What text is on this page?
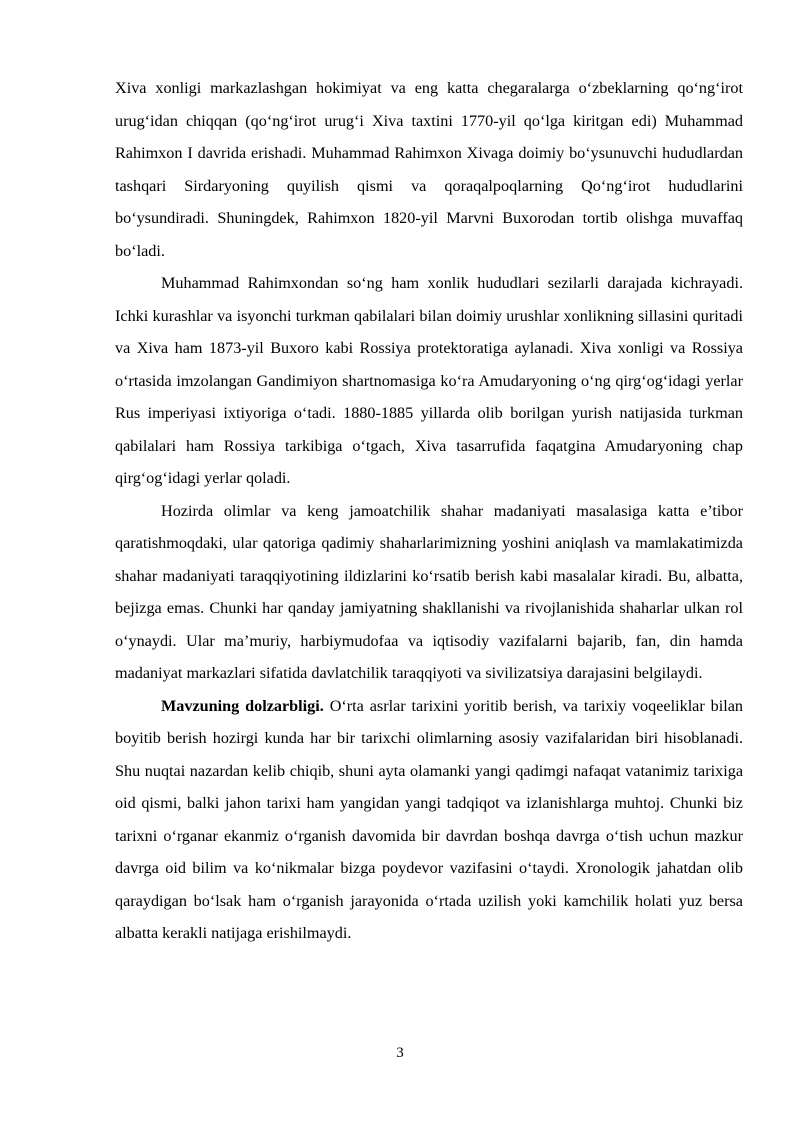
Xiva xonligi markazlashgan hokimiyat va eng katta chegaralarga o‘zbeklarning qo‘ng‘irot urug‘idan chiqqan (qo‘ng‘irot urug‘i Xiva taxtini 1770-yil qo‘lga kiritgan edi) Muhammad Rahimxon I davrida erishadi. Muhammad Rahimxon Xivaga doimiy bo‘ysunuvchi hududlardan tashqari Sirdaryoning quyilish qismi va qoraqalpoqlarning Qo‘ng‘irot hududlarini bo‘ysundiradi. Shuningdek, Rahimxon 1820-yil Marvni Buxorodan tortib olishga muvaffaq bo‘ladi.

Muhammad Rahimxondan so‘ng ham xonlik hududlari sezilarli darajada kichrayadi. Ichki kurashlar va isyonchi turkman qabilalari bilan doimiy urushlar xonlikning sillasini quritadi va Xiva ham 1873-yil Buxoro kabi Rossiya protektoratiga aylanadi. Xiva xonligi va Rossiya o‘rtasida imzolangan Gandimiyon shartnomasiga ko‘ra Amudaryoning o‘ng qirg‘og‘idagi yerlar Rus imperiyasi ixtiyoriga o‘tadi. 1880-1885 yillarda olib borilgan yurish natijasida turkman qabilalari ham Rossiya tarkibiga o‘tgach, Xiva tasarrufida faqatgina Amudaryoning chap qirg‘og‘idagi yerlar qoladi.

Hozirda olimlar va keng jamoatchilik shahar madaniyati masalasiga katta e’tibor qaratishmoqdaki, ular qatoriga qadimiy shaharlarimizning yoshini aniqlash va mamlakatimizda shahar madaniyati taraqqiyotining ildizlarini ko‘rsatib berish kabi masalalar kiradi. Bu, albatta, bejizga emas. Chunki har qanday jamiyatning shakllanishi va rivojlanishida shaharlar ulkan rol o‘ynaydi. Ular ma’muriy, harbiymudofaa va iqtisodiy vazifalarni bajarib, fan, din hamda madaniyat markazlari sifatida davlatchilik taraqqiyoti va sivilizatsiya darajasini belgilaydi.

Mavzuning dolzarbligi. O‘rta asrlar tarixini yoritib berish, va tarixiy voqeeliklar bilan boyitib berish hozirgi kunda har bir tarixchi olimlarning asosiy vazifalaridan biri hisoblanadi. Shu nuqtai nazardan kelib chiqib, shuni ayta olamanki yangi qadimgi nafaqat vatanimiz tarixiga oid qismi, balki jahon tarixi ham yangidan yangi tadqiqot va izlanishlarga muhtoj. Chunki biz tarixni o‘rganar ekanmiz o‘rganish davomida bir davrdan boshqa davrga o‘tish uchun mazkur davrga oid bilim va ko‘nikmalar bizga poydevor vazifasini o‘taydi. Xronologik jahatdan olib qaraydigan bo‘lsak ham o‘rganish jarayonida o‘rtada uzilish yoki kamchilik holati yuz bersa albatta kerakli natijaga erishilmaydi.

3
